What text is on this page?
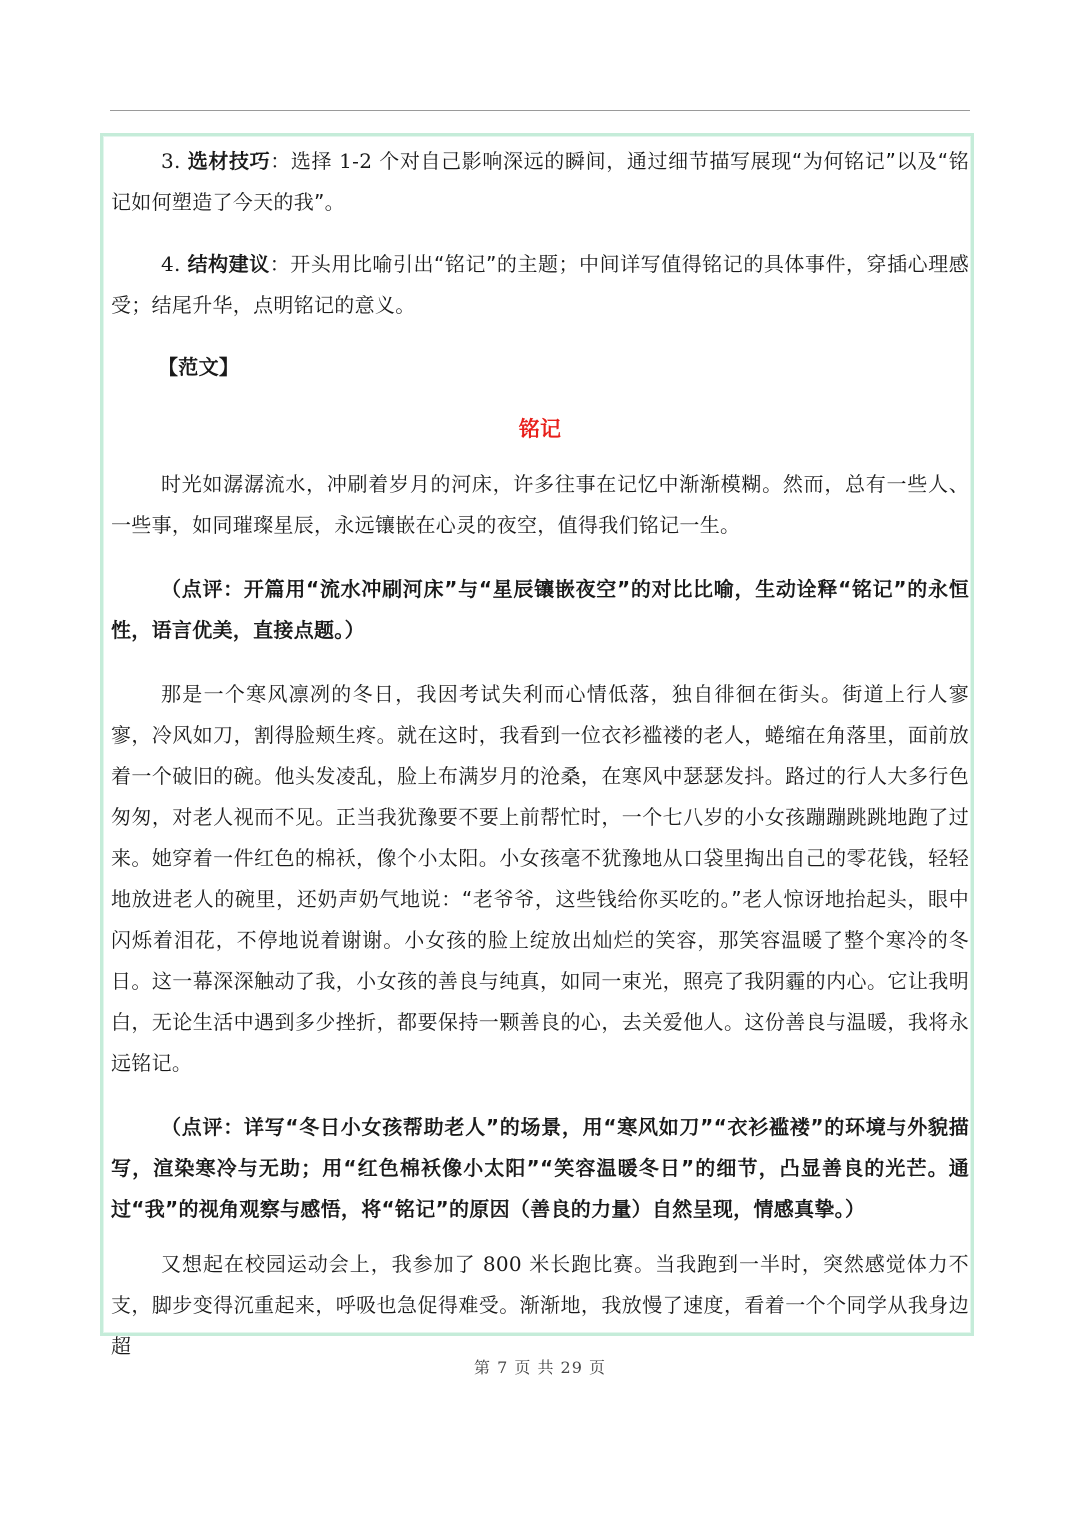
3. 选材技巧：选择 1-2 个对自己影响深远的瞬间，通过细节描写展现“为何铭记”以及“铭记如何塑造了今天的我”。

4. 结构建议：开头用比喻引出“铭记”的主题；中间详写值得铭记的具体事件，穿插心理感受；结尾升华，点明铭记的意义。

【范文】

铭记

时光如潺潺流水，冲刷着岁月的河床，许多往事在记忆中渐渐模糊。然而，总有一些人、一些事，如同璀璨星辰，永远镶嵌在心灵的夜空，值得我们铭记一生。

（点评：开篇用“流水冲刷河床”与“星辰镶嵌夜空”的对比比喻，生动诠释“铭记”的永恒性，语言优美，直接点题。）

那是一个寒风凛冽的冬日，我因考试失利而心情低落，独自徘徊在街头。街道上行人寥寥，冷风如刀，割得脸颊生疼。就在这时，我看到一位衣衫褴褛的老人，蜷缩在角落里，面前放着一个破旧的碗。他头发凌乱，脸上布满岁月的沧桑，在寒风中瑟瑟发抖。路过的行人大多行色匆匆，对老人视而不见。正当我犹豫要不要上前帮忙时，一个七八岁的小女孩蹦蹦跳跳地跑了过来。她穿着一件红色的棉袄，像个小太阳。小女孩毫不犹豫地从口袋里掏出自己的零花钱，轻轻地放进老人的碗里，还奶声奶气地说：“老爷爷，这些钱给你买吃的。”老人惊讶地抬起头，眼中闪烁着泪花，不停地说着谢谢。小女孩的脸上绽放出灿烂的笑容，那笑容温暖了整个寒冷的冬日。这一幕深深触动了我，小女孩的善良与纯真，如同一束光，照亮了我阴霾的内心。它让我明白，无论生活中遇到多少挫折，都要保持一颗善良的心，去关爱他人。这份善良与温暖，我将永远铭记。

（点评：详写“冬日小女孩帮助老人”的场景，用“寒风如刀”“衣衫褴褛”的环境与外貌描写，渲染寒冷与无助；用“红色棉袄像小太阳”“笑容温暖冬日”的细节，凸显善良的光芒。通过“我”的视角观察与感悟，将“铭记”的原因（善良的力量）自然呈现，情感真挚。）

又想起在校园运动会上，我参加了 800 米长跑比赛。当我跑到一半时，突然感觉体力不支，脚步变得沉重起来，呼吸也急促得难受。渐渐地，我放慢了速度，看着一个个同学从我身边超

第 7 页 共 29 页
